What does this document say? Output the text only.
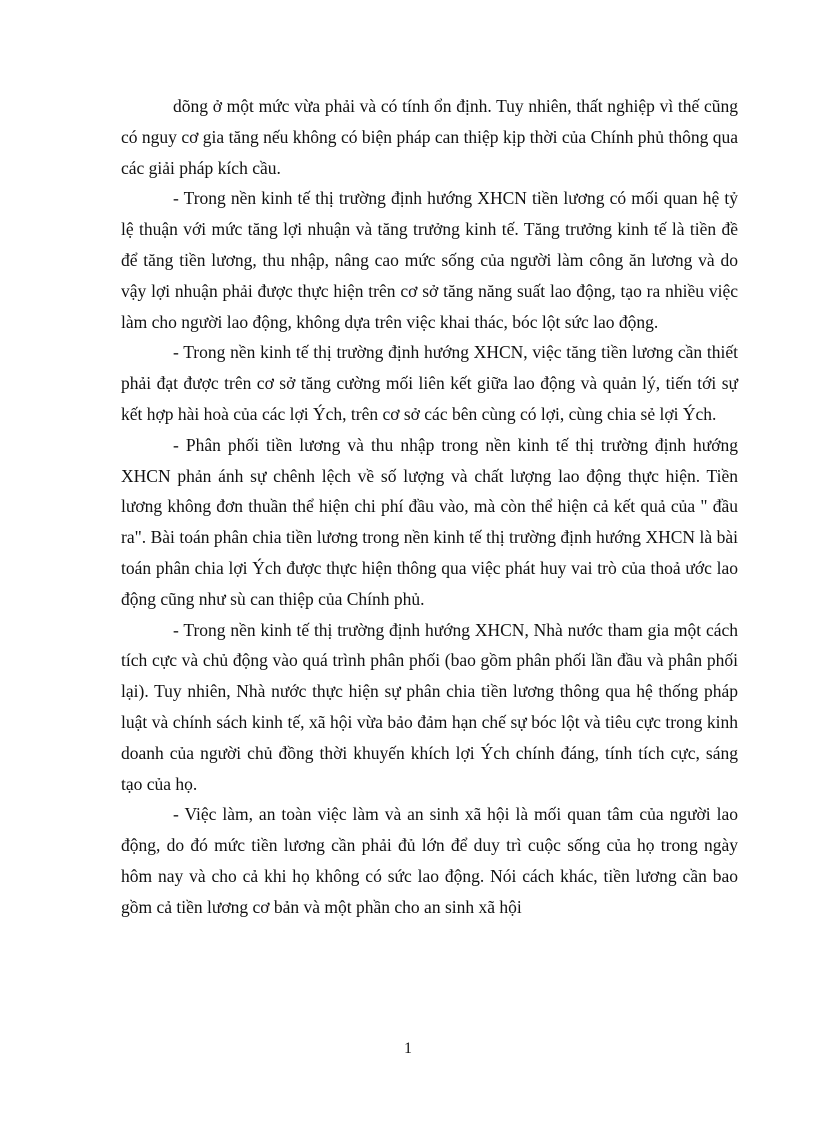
dõng ở một mức vừa phải và có tính ổn định. Tuy nhiên, thất nghiệp vì thế cũng có nguy cơ gia tăng nếu không có biện pháp can thiệp kịp thời của Chính phủ thông qua các giải pháp kích cầu.

- Trong nền kinh tế thị trường định hướng XHCN tiền lương có mối quan hệ tỷ lệ thuận với mức tăng lợi nhuận và tăng trưởng kinh tế. Tăng trưởng kinh tế là tiền đề để tăng tiền lương, thu nhập, nâng cao mức sống của người làm công ăn lương và do vậy lợi nhuận phải được thực hiện trên cơ sở tăng năng suất lao động, tạo ra nhiều việc làm cho người lao động, không dựa trên việc khai thác, bóc lột sức lao động.

- Trong nền kinh tế thị trường định hướng XHCN, việc tăng tiền lương cần thiết phải đạt được trên cơ sở tăng cường mối liên kết giữa lao động và quản lý, tiến tới sự kết hợp hài hoà của các lợi Ých, trên cơ sở các bên cùng có lợi, cùng chia sẻ lợi Ých.

- Phân phối tiền lương và thu nhập trong nền kinh tế thị trường định hướng XHCN phản ánh sự chênh lệch về số lượng và chất lượng lao động thực hiện. Tiền lương không đơn thuần thể hiện chi phí đầu vào, mà còn thể hiện cả kết quả của " đầu ra". Bài toán phân chia tiền lương trong nền kinh tế thị trường định hướng XHCN là bài toán phân chia lợi Ých được thực hiện thông qua việc phát huy vai trò của thoả ước lao động cũng như sù can thiệp của Chính phủ.

- Trong nền kinh tế thị trường định hướng XHCN, Nhà nước tham gia một cách tích cực và chủ động vào quá trình phân phối (bao gồm phân phối lần đầu và phân phối lại). Tuy nhiên, Nhà nước thực hiện sự phân chia tiền lương thông qua hệ thống pháp luật và chính sách kinh tế, xã hội vừa bảo đảm hạn chế sự bóc lột và tiêu cực trong kinh doanh của người chủ đồng thời khuyến khích lợi Ých chính đáng, tính tích cực, sáng tạo của họ.

- Việc làm, an toàn việc làm và an sinh xã hội là mối quan tâm của người lao động, do đó mức tiền lương cần phải đủ lớn để duy trì cuộc sống của họ trong ngày hôm nay và cho cả khi họ không có sức lao động. Nói cách khác, tiền lương cần bao gồm cả tiền lương cơ bản và một phần cho an sinh xã hội

1
